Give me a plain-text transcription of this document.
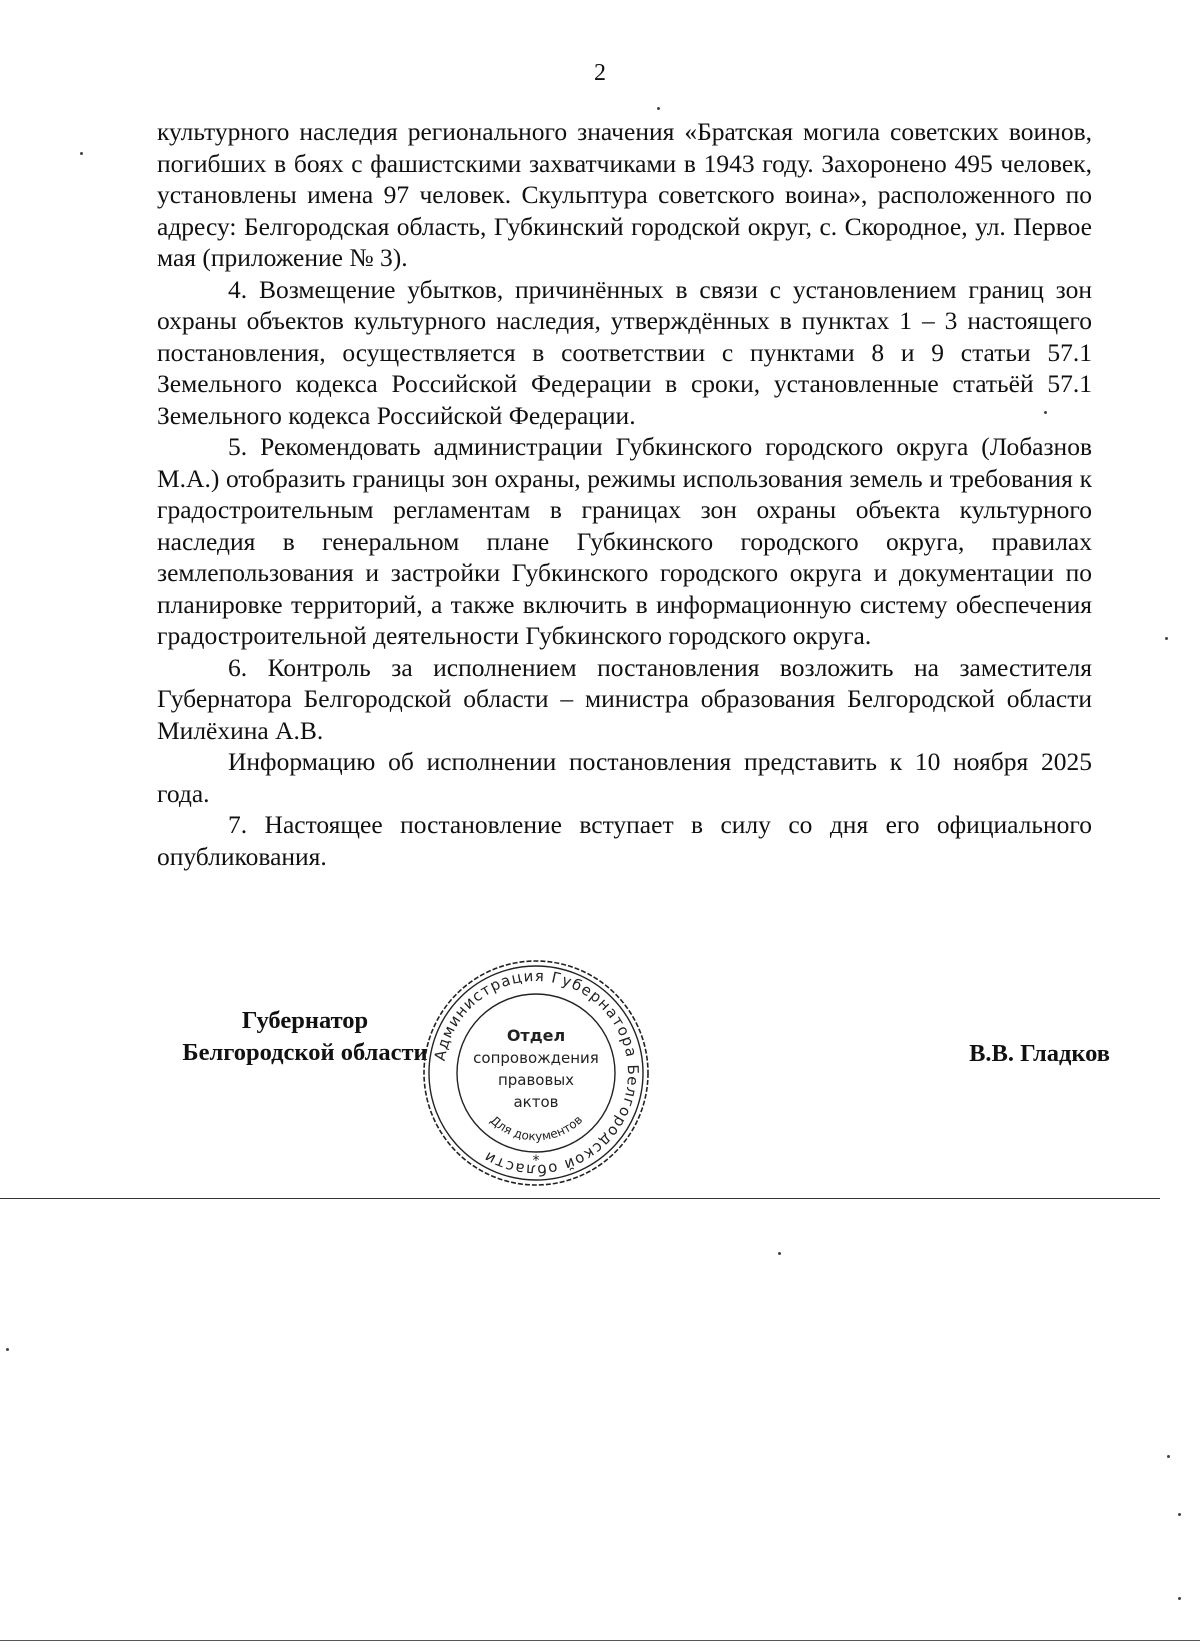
2

культурного наследия регионального значения «Братская могила советских воинов, погибших в боях с фашистскими захватчиками в 1943 году. Захоронено 495 человек, установлены имена 97 человек. Скульптура советского воина», расположенного по адресу: Белгородская область, Губкинский городской округ, с. Скородное, ул. Первое мая (приложение № 3).

4. Возмещение убытков, причинённых в связи с установлением границ зон охраны объектов культурного наследия, утверждённых в пунктах 1 – 3 настоящего постановления, осуществляется в соответствии с пунктами 8 и 9 статьи 57.1 Земельного кодекса Российской Федерации в сроки, установленные статьёй 57.1 Земельного кодекса Российской Федерации.

5. Рекомендовать администрации Губкинского городского округа (Лобазнов М.А.) отобразить границы зон охраны, режимы использования земель и требования к градостроительным регламентам в границах зон охраны объекта культурного наследия в генеральном плане Губкинского городского округа, правилах землепользования и застройки Губкинского городского округа и документации по планировке территорий, а также включить в информационную систему обеспечения градостроительной деятельности Губкинского городского округа.

6. Контроль за исполнением постановления возложить на заместителя Губернатора Белгородской области – министра образования Белгородской области Милёхина А.В.

Информацию об исполнении постановления представить к 10 ноября 2025 года.

7. Настоящее постановление вступает в силу со дня его официального опубликования.

Губернатор
Белгородской области Администрация Губернатора Белгородской области
Для документов
Отдел
сопровождения
правовых
актов
*
В.В. Гладков
